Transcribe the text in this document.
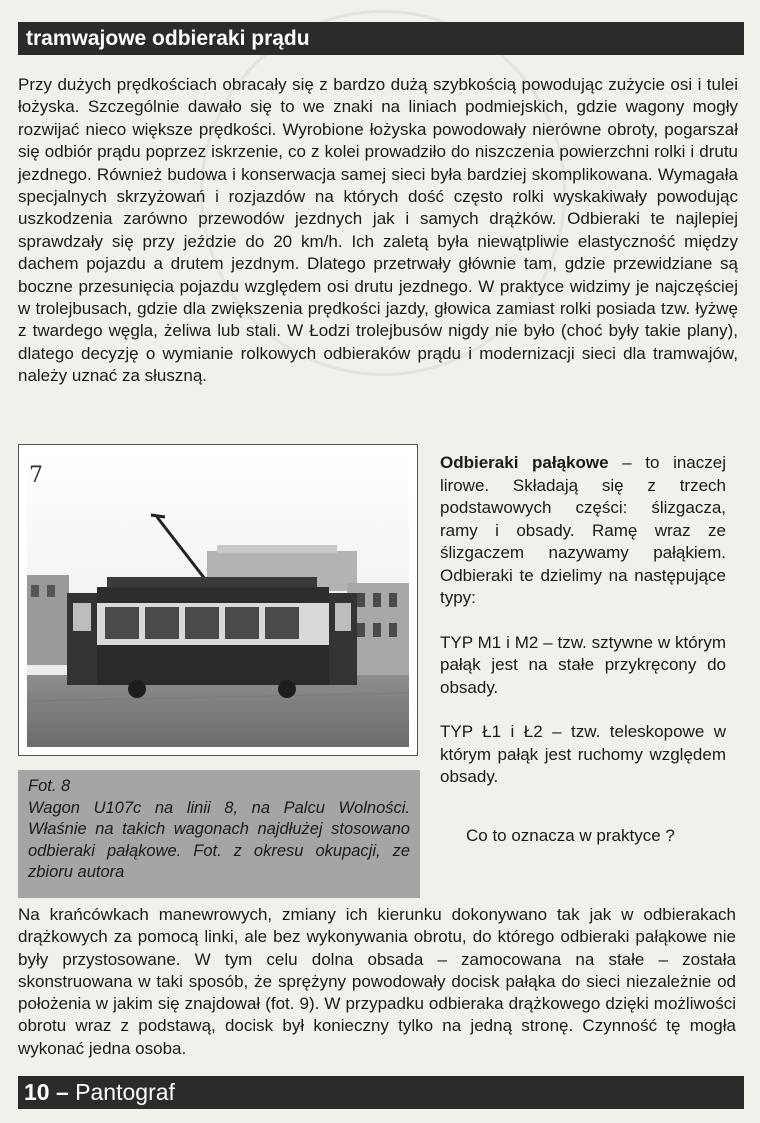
tramwajowe odbieraki prądu

Przy dużych prędkościach obracały się z bardzo dużą szybkością powodując zużycie osi i tulei łożyska. Szczególnie dawało się to we znaki na liniach podmiejskich, gdzie wagony mogły rozwijać nieco większe prędkości. Wyrobione łożyska powodowały nierówne obroty, pogarszał się odbiór prądu poprzez iskrzenie, co z kolei prowadziło do niszczenia powierzchni rolki i drutu jezdnego. Również budowa i konserwacja samej sieci była bardziej skomplikowana. Wymagała specjalnych skrzyżowań i rozjazdów na których dość często rolki wyskakiwały powodując uszkodzenia zarówno przewodów jezdnych jak i samych drążków. Odbieraki te najlepiej sprawdzały się przy jeździe do 20 km/h. Ich zaletą była niewątpliwie elastyczność między dachem pojazdu a drutem jezdnym. Dlatego przetrwały głównie tam, gdzie przewidziane są boczne przesunięcia pojazdu względem osi drutu jezdnego. W praktyce widzimy je najczęściej w trolejbusach, gdzie dla zwiększenia prędkości jazdy, głowica zamiast rolki posiada tzw. łyżwę z twardego węgla, żeliwa lub stali. W Łodzi trolejbusów nigdy nie było (choć były takie plany), dlatego decyzję o wymianie rolkowych odbieraków prądu i modernizacji sieci dla tramwajów, należy uznać za słuszną.

7

Fot. 8

Wagon U107c na linii 8, na Palcu Wolności. Właśnie na takich wagonach najdłużej stosowano odbieraki pałąkowe. Fot. z okresu okupacji, ze zbioru autora

Odbieraki pałąkowe – to inaczej lirowe. Składają się z trzech podstawowych części: ślizgacza, ramy i obsady. Ramę wraz ze ślizgaczem nazywamy pałąkiem. Odbieraki te dzielimy na następujące typy:

TYP M1 i M2 – tzw. sztywne w którym pałąk jest na stałe przykręcony do obsady.

TYP Ł1 i Ł2 – tzw. teleskopowe w którym pałąk jest ruchomy względem obsady.

Co to oznacza w praktyce ?

Na krańcówkach manewrowych, zmiany ich kierunku dokonywano tak jak w odbierakach drążkowych za pomocą linki, ale bez wykonywania obrotu, do którego odbieraki pałąkowe nie były przystosowane. W tym celu dolna obsada – zamocowana na stałe – została skonstruowana w taki sposób, że sprężyny powodowały docisk pałąka do sieci niezależnie od położenia w jakim się znajdował (fot. 9). W przypadku odbieraka drążkowego dzięki możliwości obrotu wraz z podstawą, docisk był konieczny tylko na jedną stronę. Czynność tę mogła wykonać jedna osoba.

10 – Pantograf
